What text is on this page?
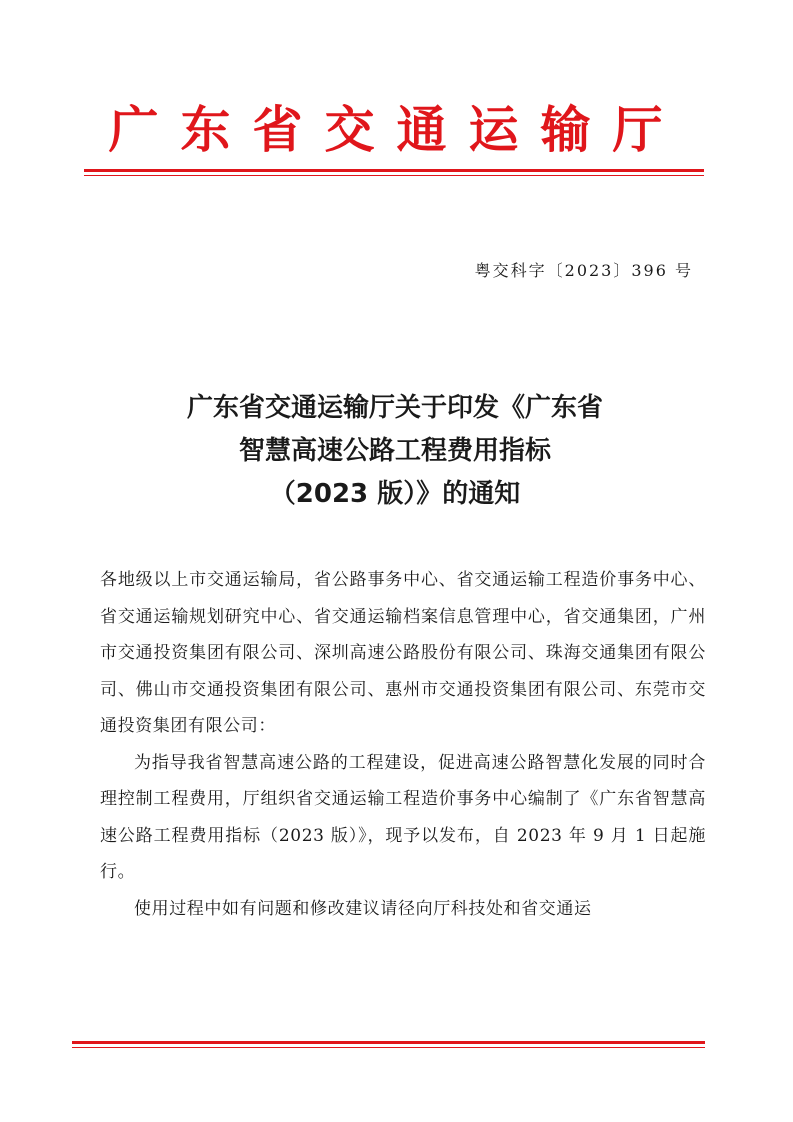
广东省交通运输厅
粤交科字〔2023〕396 号
广东省交通运输厅关于印发《广东省
智慧高速公路工程费用指标
（2023 版）》的通知

各地级以上市交通运输局，省公路事务中心、省交通运输工程造价事务中心、省交通运输规划研究中心、省交通运输档案信息管理中心，省交通集团，广州市交通投资集团有限公司、深圳高速公路股份有限公司、珠海交通集团有限公司、佛山市交通投资集团有限公司、惠州市交通投资集团有限公司、东莞市交通投资集团有限公司：

为指导我省智慧高速公路的工程建设，促进高速公路智慧化发展的同时合理控制工程费用，厅组织省交通运输工程造价事务中心编制了《广东省智慧高速公路工程费用指标（2023 版）》，现予以发布，自 2023 年 9 月 1 日起施行。

使用过程中如有问题和修改建议请径向厅科技处和省交通运
